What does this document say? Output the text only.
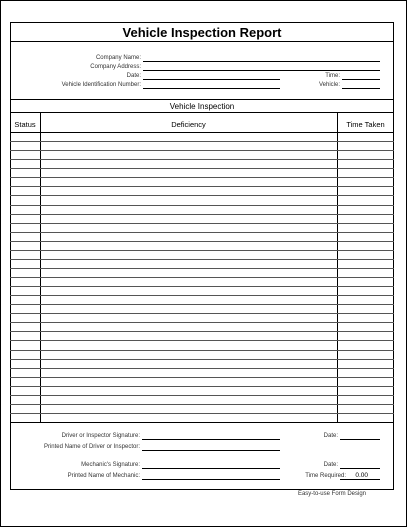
Vehicle Inspection Report
Company Name:
Company Address:
Date:	Time:
Vehicle Identification Number:	Vehicle:
Vehicle Inspection
Status	Deficiency	Time Taken
Driver or Inspector Signature:
Printed Name of Driver or Inspector:
Date:
Mechanic's Signature:
Printed Name of Mechanic:
Date:
Time Required:	0.00
Easy-to-use Form Design
